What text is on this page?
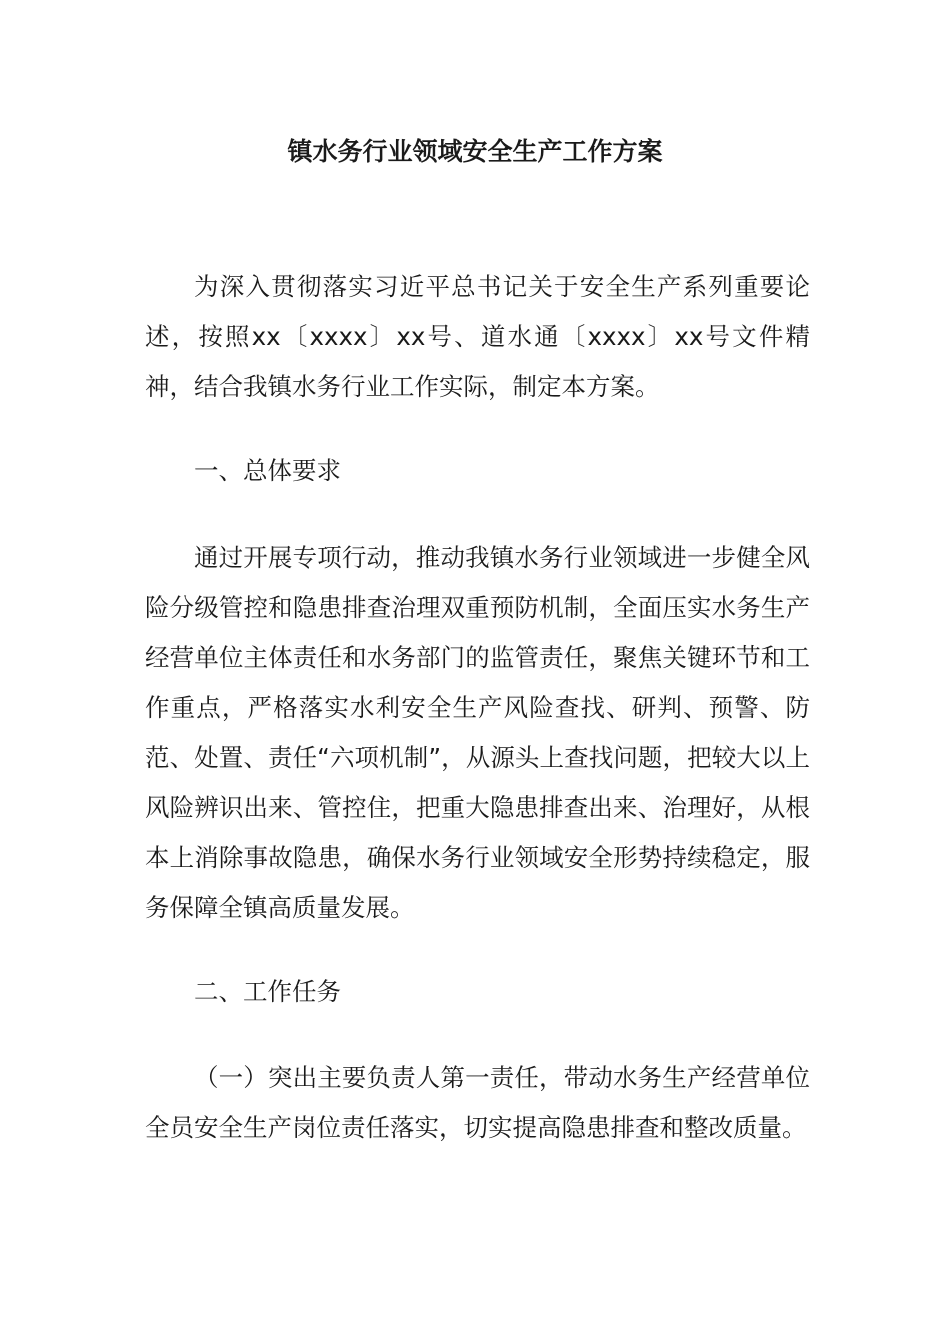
镇水务行业领域安全生产工作方案
为深入贯彻落实习近平总书记关于安全生产系列重要论述，按照xx〔xxxx〕xx号、道水通〔xxxx〕xx号文件精神，结合我镇水务行业工作实际，制定本方案。
一、总体要求
通过开展专项行动，推动我镇水务行业领域进一步健全风险分级管控和隐患排查治理双重预防机制，全面压实水务生产经营单位主体责任和水务部门的监管责任，聚焦关键环节和工作重点，严格落实水利安全生产风险查找、研判、预警、防范、处置、责任“六项机制”，从源头上查找问题，把较大以上风险辨识出来、管控住，把重大隐患排查出来、治理好，从根本上消除事故隐患，确保水务行业领域安全形势持续稳定，服务保障全镇高质量发展。
二、工作任务
（一）突出主要负责人第一责任，带动水务生产经营单位全员安全生产岗位责任落实，切实提高隐患排查和整改质量。
